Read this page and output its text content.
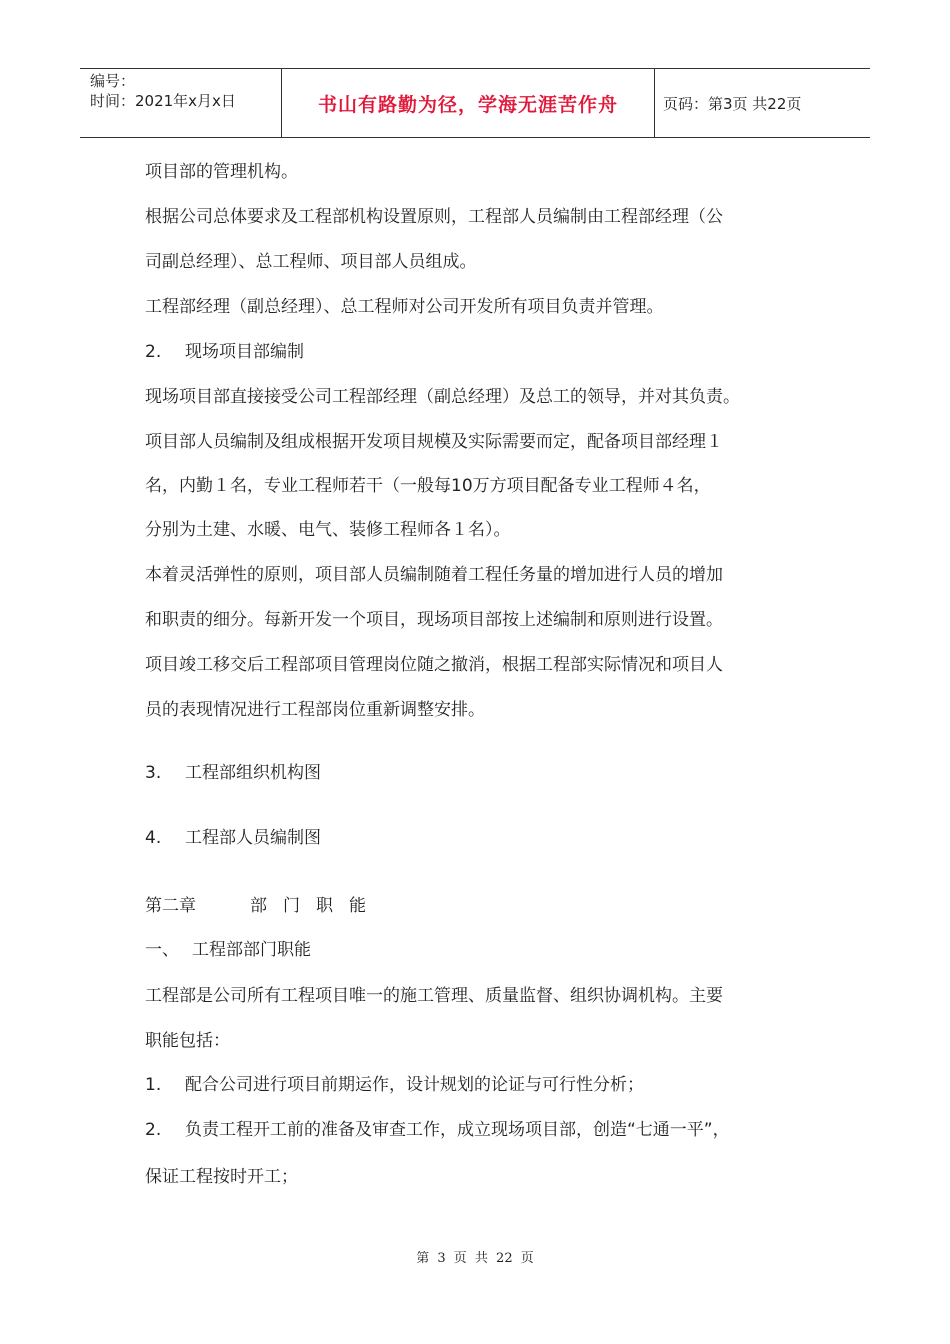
编号：
时间：2021年x月x日	书山有路勤为径，学海无涯苦作舟	页码：第3页 共22页
项目部的管理机构。
根据公司总体要求及工程部机构设置原则，工程部人员编制由工程部经理（公
司副总经理）、总工程师、项目部人员组成。
工程部经理（副总经理）、总工程师对公司开发所有项目负责并管理。
2. 现场项目部编制
现场项目部直接接受公司工程部经理（副总经理）及总工的领导，并对其负责。
项目部人员编制及组成根据开发项目规模及实际需要而定，配备项目部经理１
名，内勤１名，专业工程师若干（一般每10万方项目配备专业工程师４名，
分别为土建、水暖、电气、装修工程师各１名）。
本着灵活弹性的原则，项目部人员编制随着工程任务量的增加进行人员的增加
和职责的细分。每新开发一个项目，现场项目部按上述编制和原则进行设置。
项目竣工移交后工程部项目管理岗位随之撤消，根据工程部实际情况和项目人
员的表现情况进行工程部岗位重新调整安排。
3. 工程部组织机构图
4. 工程部人员编制图
第二章	部门职能
一、 工程部部门职能
工程部是公司所有工程项目唯一的施工管理、质量监督、组织协调机构。主要
职能包括：
1. 配合公司进行项目前期运作，设计规划的论证与可行性分析；
2. 负责工程开工前的准备及审查工作，成立现场项目部，创造“七通一平”，
保证工程按时开工；
第 3 页 共 22 页
